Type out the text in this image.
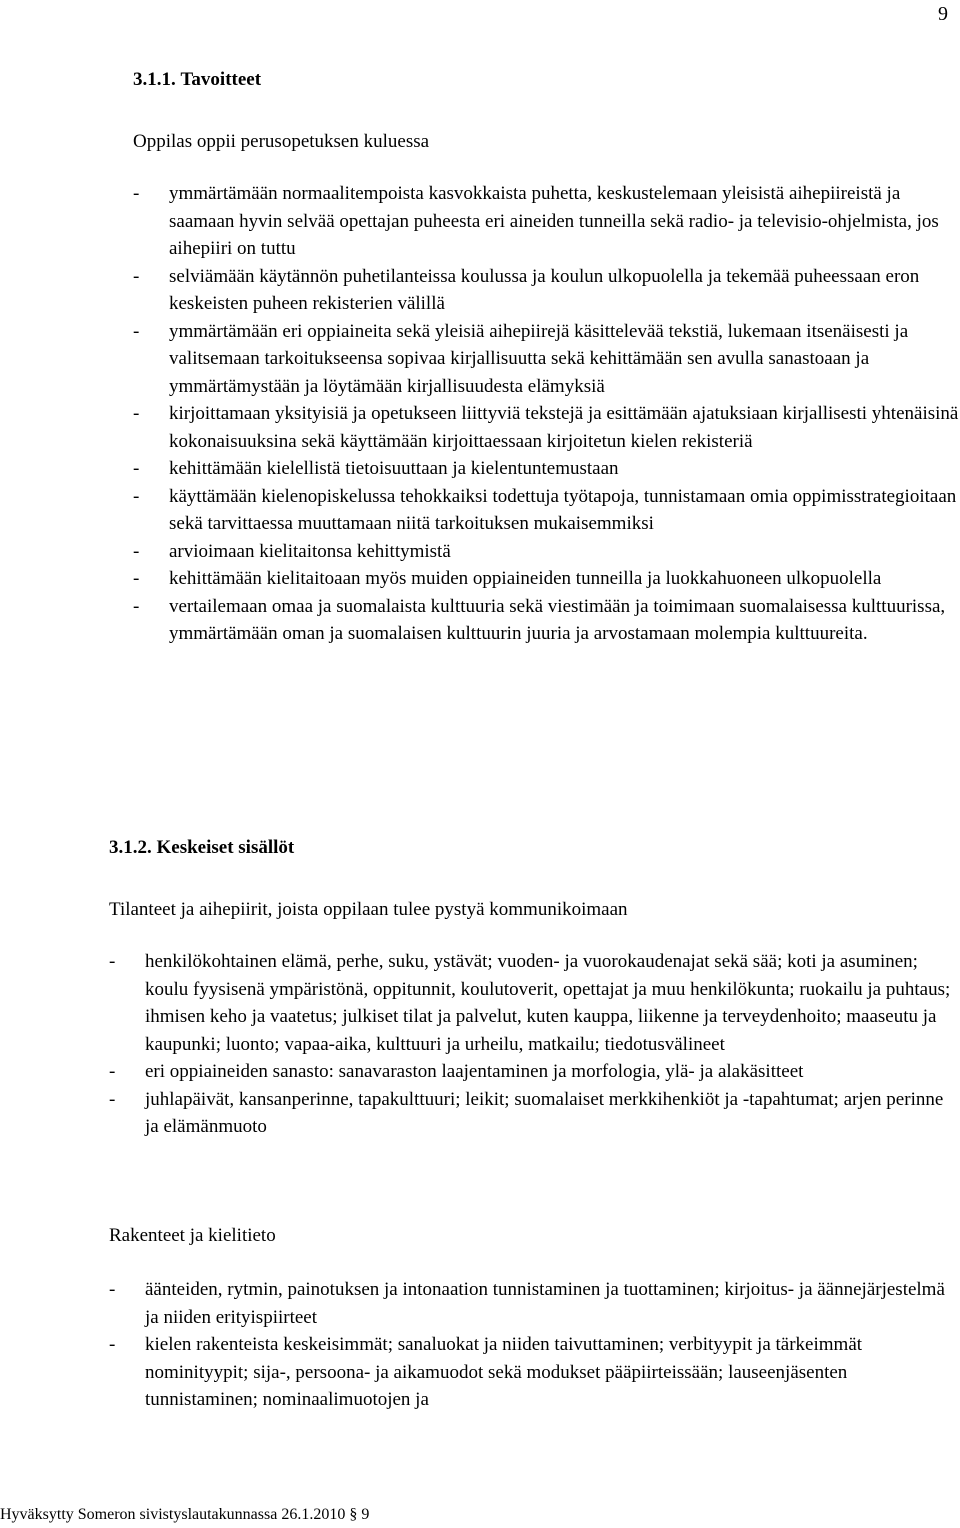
9
3.1.1. Tavoitteet
Oppilas oppii perusopetuksen kuluessa
- ymmärtämään normaalitempoista kasvokkaista puhetta, keskustelemaan yleisistä aihepiireistä ja saamaan hyvin selvää opettajan puheesta eri aineiden tunneilla sekä radio- ja televisio-ohjelmista, jos aihepiiri on tuttu
- selviämään käytännön puhetilanteissa koulussa ja koulun ulkopuolella ja tekemää puheessaan eron keskeisten puheen rekisterien välillä
- ymmärtämään eri oppiaineita sekä yleisiä aihepiirejä käsittelevää tekstiä, lukemaan itsenäisesti ja valitsemaan tarkoitukseensa sopivaa kirjallisuutta sekä kehittämään sen avulla sanastoaan ja ymmärtämystään ja löytämään kirjallisuudesta elämyksiä
- kirjoittamaan yksityisiä ja opetukseen liittyviä tekstejä ja esittämään ajatuksiaan kirjallisesti yhtenäisinä kokonaisuuksina sekä käyttämään kirjoittaessaan kirjoitetun kielen rekisteriä
- kehittämään kielellistä tietoisuuttaan ja kielentuntemustaan
- käyttämään kielenopiskelussa tehokkaiksi todettuja työtapoja, tunnistamaan omia oppimisstrategioitaan sekä tarvittaessa muuttamaan niitä tarkoituksen mukaisemmiksi
- arvioimaan kielitaitonsa kehittymistä
- kehittämään kielitaitoaan myös muiden oppiaineiden tunneilla ja luokkahuoneen ulkopuolella
- vertailemaan omaa ja suomalaista kulttuuria sekä viestimään ja toimimaan suomalaisessa kulttuurissa, ymmärtämään oman ja suomalaisen kulttuurin juuria ja arvostamaan molempia kulttuureita.
3.1.2. Keskeiset sisällöt
Tilanteet ja aihepiirit, joista oppilaan tulee pystyä kommunikoimaan
- henkilökohtainen elämä, perhe, suku, ystävät; vuoden- ja vuorokaudenajat sekä sää; koti ja asuminen; koulu fyysisenä ympäristönä, oppitunnit, koulutoverit, opettajat ja muu henkilökunta; ruokailu ja puhtaus; ihmisen keho ja vaatetus; julkiset tilat ja palvelut, kuten kauppa, liikenne ja terveydenhoito; maaseutu ja kaupunki; luonto; vapaa-aika, kulttuuri ja urheilu, matkailu; tiedotusvälineet
- eri oppiaineiden sanasto: sanavaraston laajentaminen ja morfologia, ylä- ja alakäsitteet
- juhlapäivät, kansanperinne, tapakulttuuri; leikit; suomalaiset merkkihenkiöt ja -tapahtumat; arjen perinne ja elämänmuoto
Rakenteet ja kielitieto
- äänteiden, rytmin, painotuksen ja intonaation tunnistaminen ja tuottaminen; kirjoitus- ja äännejärjestelmä ja niiden erityispiirteet
- kielen rakenteista keskeisimmät; sanaluokat ja niiden taivuttaminen; verbityypit ja tärkeimmät nominityypit; sija-, persoona- ja aikamuodot sekä modukset pääpiirteissään; lauseenjäsenten tunnistaminen; nominaalimuotojen ja
Hyväksytty Someron sivistyslautakunnassa 26.1.2010 § 9
